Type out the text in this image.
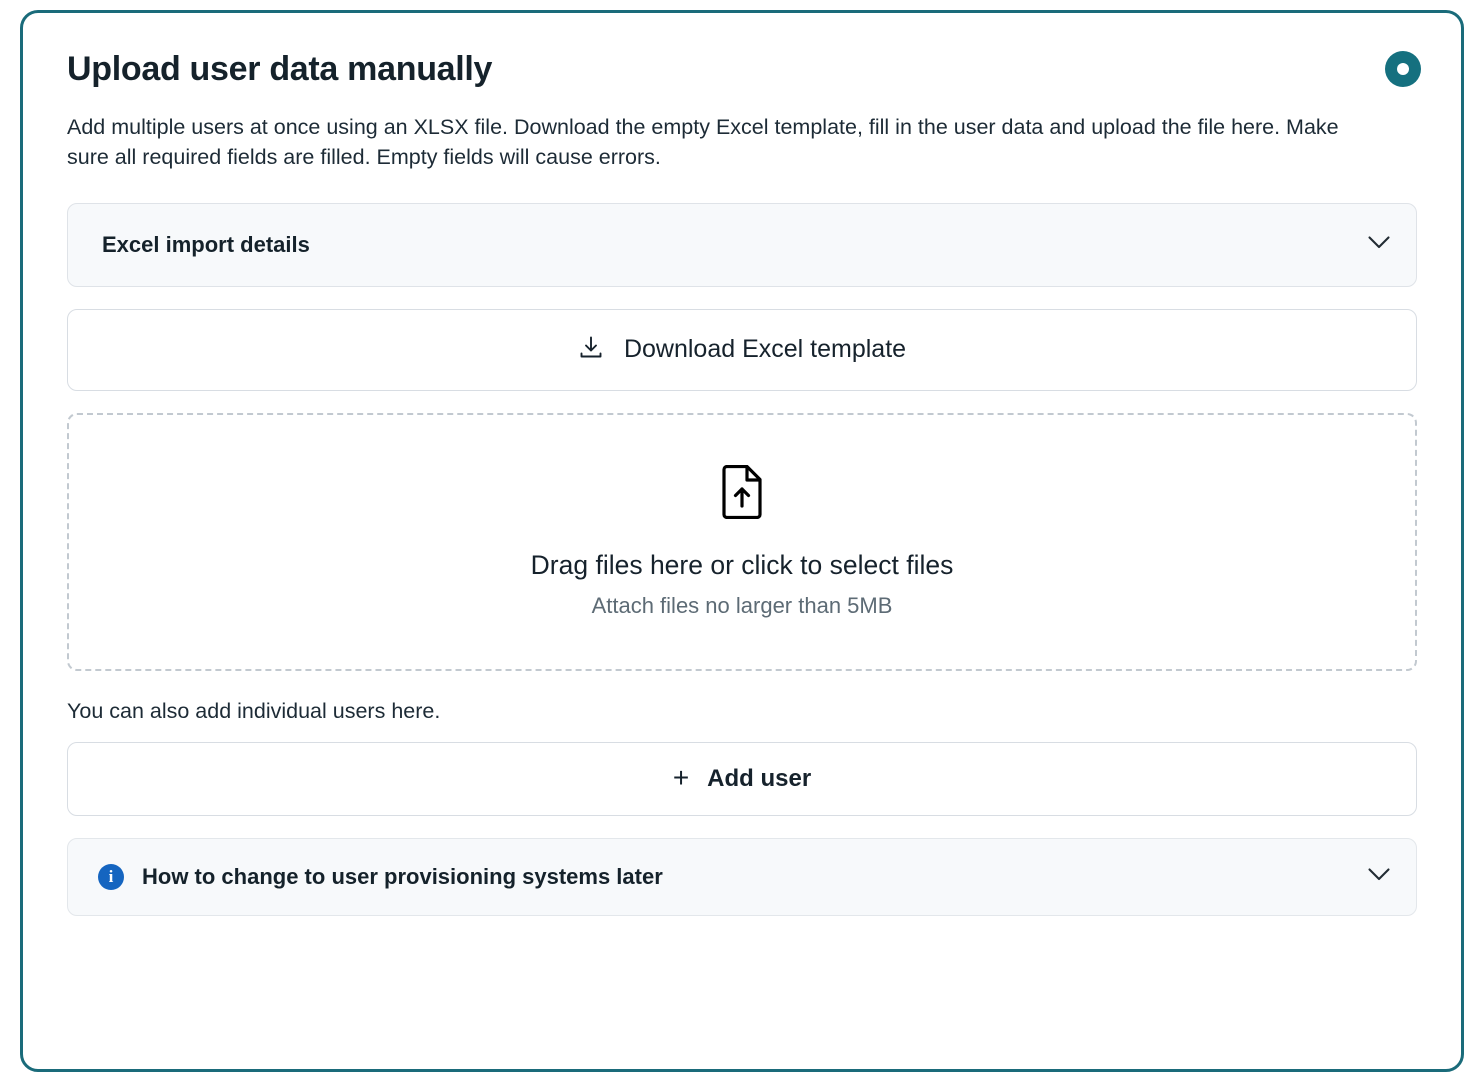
Upload user data manually

Add multiple users at once using an XLSX file. Download the empty Excel template, fill in the user data and upload the file here. Make sure all required fields are filled. Empty fields will cause errors.

Excel import details
Download Excel template
Drag files here or click to select files
Attach files no larger than 5MB

You can also add individual users here.

+ Add user
i	How to change to user provisioning systems later
